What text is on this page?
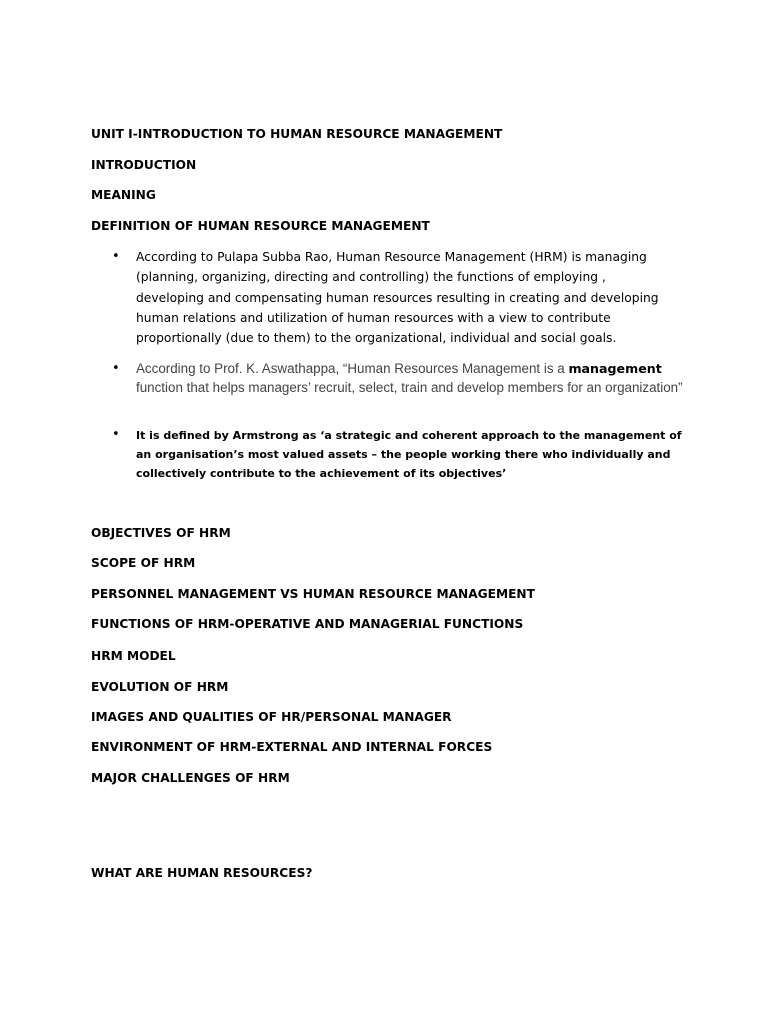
UNIT I-INTRODUCTION TO HUMAN RESOURCE MANAGEMENT
INTRODUCTION
MEANING
DEFINITION OF HUMAN RESOURCE MANAGEMENT
• According to Pulapa Subba Rao, Human Resource Management (HRM) is managing (planning, organizing, directing and controlling) the functions of employing , developing and compensating human resources resulting in creating and developing human relations and utilization of human resources with a view to contribute proportionally (due to them) to the organizational, individual and social goals.
• According to Prof. K. Aswathappa, “Human Resources Management is a management function that helps managers’ recruit, select, train and develop members for an organization”
• It is defined by Armstrong as ‘a strategic and coherent approach to the management of an organisation’s most valued assets – the people working there who individually and collectively contribute to the achievement of its objectives’
OBJECTIVES OF HRM
SCOPE OF HRM
PERSONNEL MANAGEMENT VS HUMAN RESOURCE MANAGEMENT
FUNCTIONS OF HRM-OPERATIVE AND MANAGERIAL FUNCTIONS
HRM MODEL
EVOLUTION OF HRM
IMAGES AND QUALITIES OF HR/PERSONAL MANAGER
ENVIRONMENT OF HRM-EXTERNAL AND INTERNAL FORCES
MAJOR CHALLENGES OF HRM
WHAT ARE HUMAN RESOURCES?
